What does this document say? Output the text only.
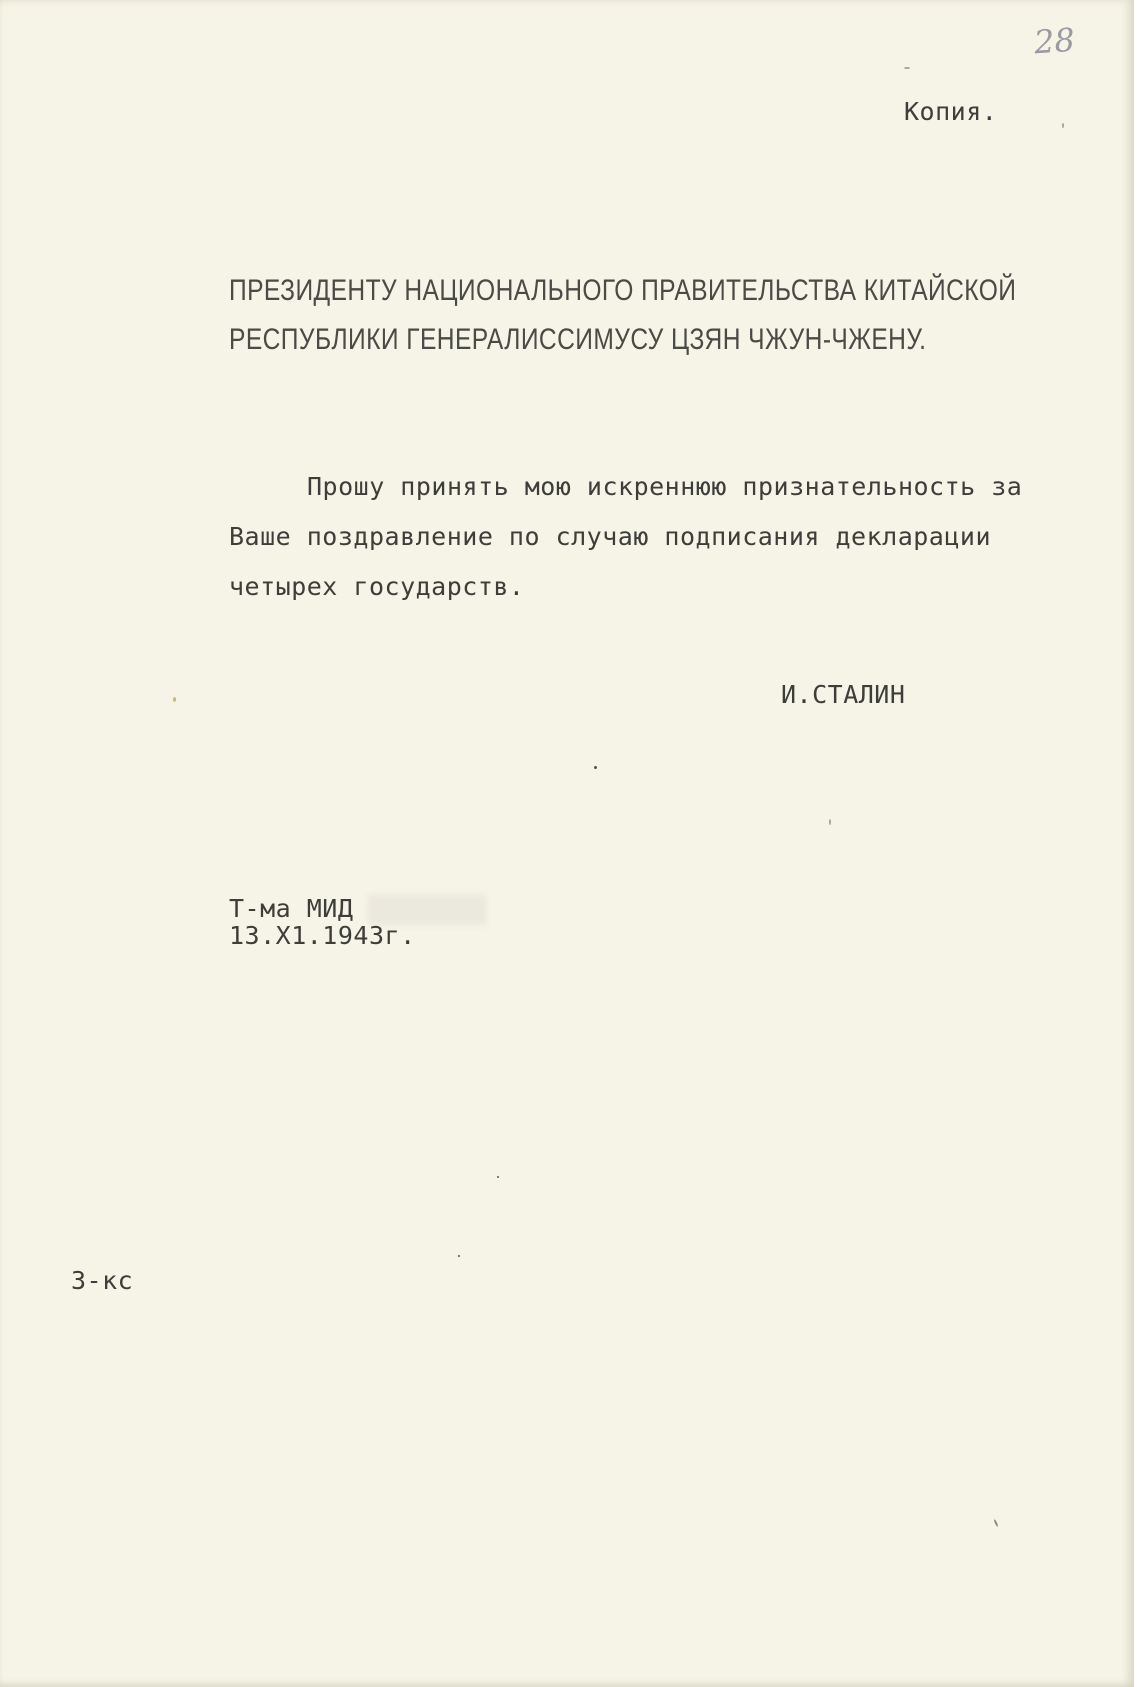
28
Копия.
ПРЕЗИДЕНТУ НАЦИОНАЛЬНОГО ПРАВИТЕЛЬСТВА КИТАЙСКОЙ
РЕСПУБЛИКИ ГЕНЕРАЛИССИМУСУ ЦЗЯН ЧЖУН-ЧЖЕНУ.
Прошу принять мою искреннюю признательность за
Ваше поздравление по случаю подписания декларации
четырех государств.
И.СТАЛИН
Т-ма МИД
13.Х1.1943г.
3-кс
